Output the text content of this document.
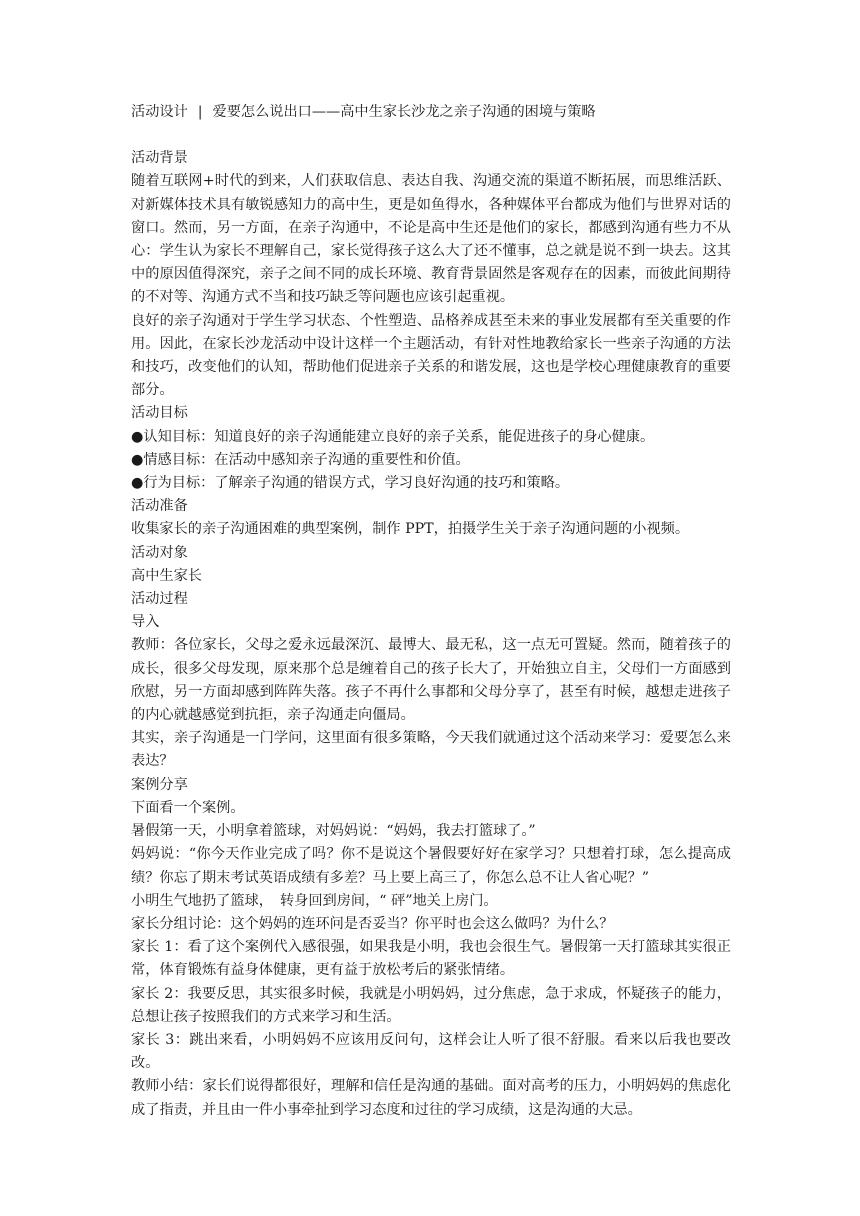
活动设计 | 爱要怎么说出口——高中生家长沙龙之亲子沟通的困境与策略

活动背景

随着互联网+时代的到来，人们获取信息、表达自我、沟通交流的渠道不断拓展，而思维活跃、对新媒体技术具有敏锐感知力的高中生，更是如鱼得水，各种媒体平台都成为他们与世界对话的窗口。然而，另一方面，在亲子沟通中，不论是高中生还是他们的家长，都感到沟通有些力不从心：学生认为家长不理解自己，家长觉得孩子这么大了还不懂事，总之就是说不到一块去。这其中的原因值得深究，亲子之间不同的成长环境、教育背景固然是客观存在的因素，而彼此间期待的不对等、沟通方式不当和技巧缺乏等问题也应该引起重视。

良好的亲子沟通对于学生学习状态、个性塑造、品格养成甚至未来的事业发展都有至关重要的作用。因此，在家长沙龙活动中设计这样一个主题活动，有针对性地教给家长一些亲子沟通的方法和技巧，改变他们的认知，帮助他们促进亲子关系的和谐发展，这也是学校心理健康教育的重要部分。

活动目标

●认知目标：知道良好的亲子沟通能建立良好的亲子关系，能促进孩子的身心健康。

●情感目标：在活动中感知亲子沟通的重要性和价值。

●行为目标：了解亲子沟通的错误方式，学习良好沟通的技巧和策略。

活动准备

收集家长的亲子沟通困难的典型案例，制作 PPT，拍摄学生关于亲子沟通问题的小视频。

活动对象

高中生家长

活动过程

导入

教师：各位家长，父母之爱永远最深沉、最博大、最无私，这一点无可置疑。然而，随着孩子的成长，很多父母发现，原来那个总是缠着自己的孩子长大了，开始独立自主，父母们一方面感到欣慰，另一方面却感到阵阵失落。孩子不再什么事都和父母分享了，甚至有时候，越想走进孩子的内心就越感觉到抗拒，亲子沟通走向僵局。

其实，亲子沟通是一门学问，这里面有很多策略，今天我们就通过这个活动来学习：爱要怎么来表达？

案例分享

下面看一个案例。

暑假第一天，小明拿着篮球，对妈妈说：“妈妈，我去打篮球了。”

妈妈说：“你今天作业完成了吗？你不是说这个暑假要好好在家学习？只想着打球，怎么提高成绩？你忘了期末考试英语成绩有多差？马上要上高三了，你怎么总不让人省心呢？”

小明生气地扔了篮球，　转身回到房间，“ 砰”地关上房门。

家长分组讨论：这个妈妈的连环问是否妥当？你平时也会这么做吗？为什么？

家长 1：看了这个案例代入感很强，如果我是小明，我也会很生气。暑假第一天打篮球其实很正常，体育锻炼有益身体健康，更有益于放松考后的紧张情绪。

家长 2：我要反思，其实很多时候，我就是小明妈妈，过分焦虑，急于求成，怀疑孩子的能力，总想让孩子按照我们的方式来学习和生活。

家长 3：跳出来看，小明妈妈不应该用反问句，这样会让人听了很不舒服。看来以后我也要改改。

教师小结：家长们说得都很好，理解和信任是沟通的基础。面对高考的压力，小明妈妈的焦虑化成了指责，并且由一件小事牵扯到学习态度和过往的学习成绩，这是沟通的大忌。
